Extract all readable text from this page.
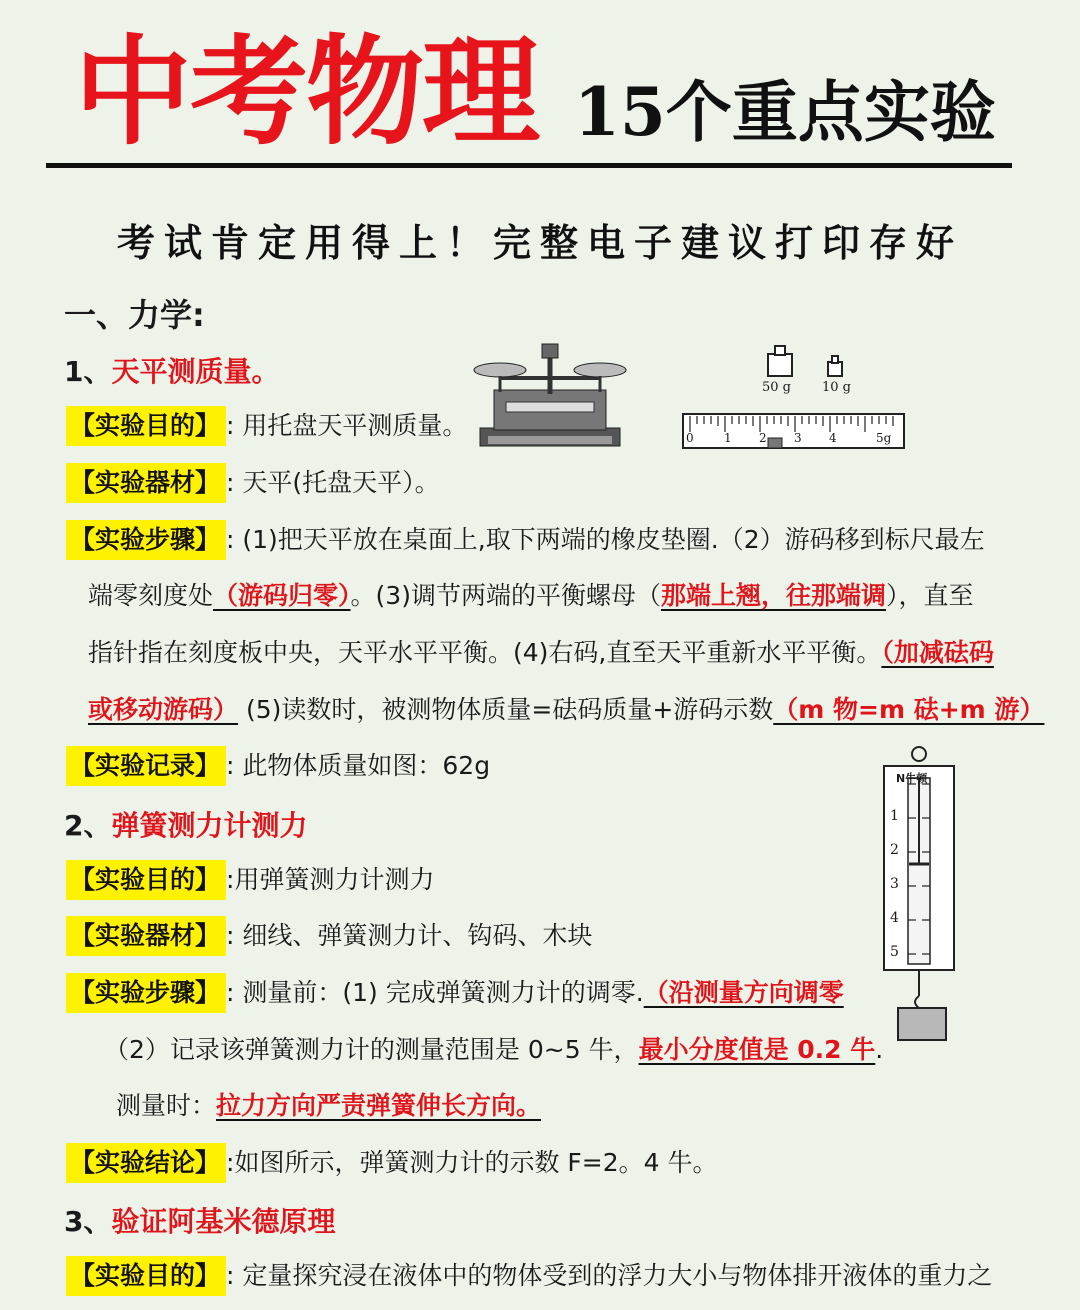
中考物理 15个重点实验
考试肯定用得上！完整电子建议打印存好
一、力学:
1、天平测质量。
【实验目的】 : 用托盘天平测质量。
【实验器材】 : 天平(托盘天平）。
【实验步骤】 : (1)把天平放在桌面上,取下两端的橡皮垫圈.（2）游码移到标尺最左
端零刻度处（游码归零）。(3)调节两端的平衡螺母（那端上翘，往那端调），直至
指针指在刻度板中央，天平水平平衡。(4)右码,直至天平重新水平平衡。（加减砝码
或移动游码） (5)读数时，被测物体质量=砝码质量+游码示数（m 物=m 砝+m 游）
【实验记录】 : 此物体质量如图：62g
50 g 10 g
0	1 2 3 4	5g
2、弹簧测力计测力
【实验目的】 :用弹簧测力计测力
【实验器材】 : 细线、弹簧测力计、钩码、木块
【实验步骤】 : 测量前：(1) 完成弹簧测力计的调零.（沿测量方向调零
（2）记录该弹簧测力计的测量范围是 0~5 牛，最小分度值是 0.2 牛.
测量时：拉力方向严责弹簧伸长方向。
【实验结论】 :如图所示，弹簧测力计的示数 F=2。4 牛。
N牛顿
1
2
3
4
5
3、验证阿基米德原理
【实验目的】 : 定量探究浸在液体中的物体受到的浮力大小与物体排开液体的重力之
